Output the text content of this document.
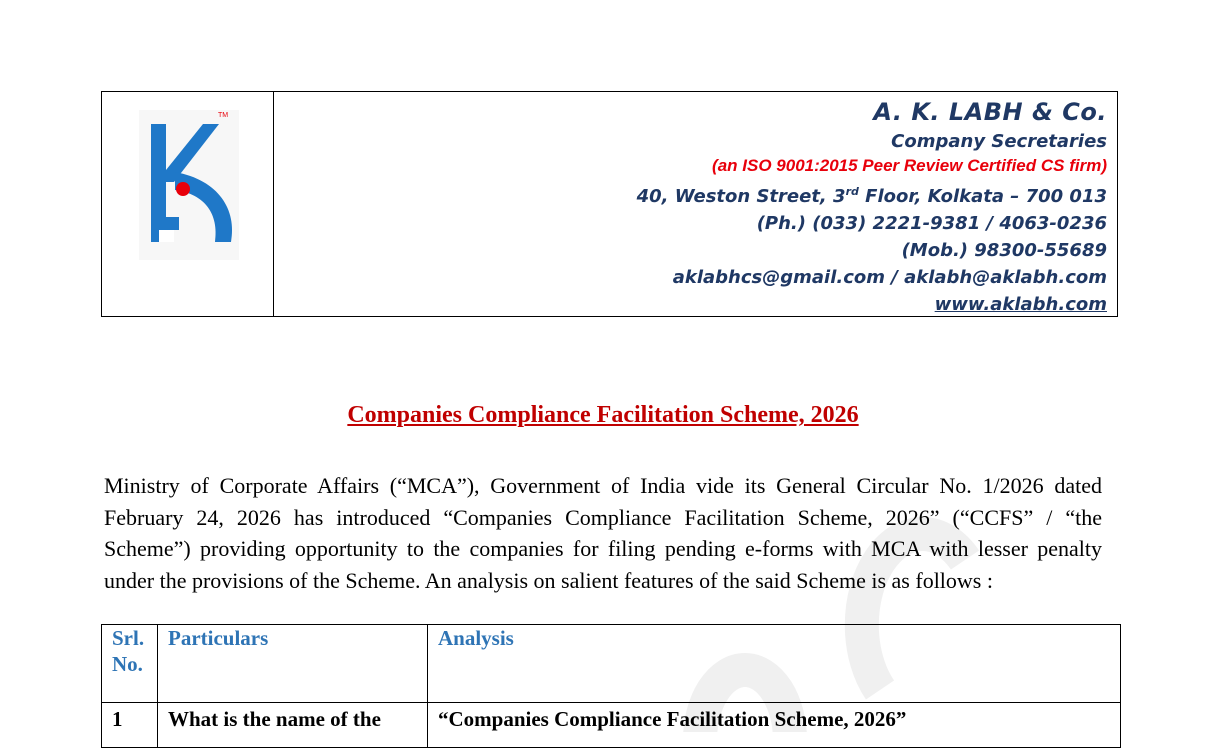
TM	A. K. LABH & Co.
Company Secretaries
(an ISO 9001:2015 Peer Review Certified CS firm)
40, Weston Street, 3rd Floor, Kolkata – 700 013
(Ph.) (033) 2221-9381 / 4063-0236
(Mob.) 98300-55689
aklabhcs@gmail.com / aklabh@aklabh.com
www.aklabh.com
Companies Compliance Facilitation Scheme, 2026
Ministry of Corporate Affairs (“MCA”), Government of India vide its General Circular No. 1/2026 dated February 24, 2026 has introduced “Companies Compliance Facilitation Scheme, 2026” (“CCFS” / “the Scheme”) providing opportunity to the companies for filing pending e-forms with MCA with lesser penalty under the provisions of the Scheme. An analysis on salient features of the said Scheme is as follows :
Srl. No.	Particulars	Analysis
1	What is the name of the	“Companies Compliance Facilitation Scheme, 2026”
